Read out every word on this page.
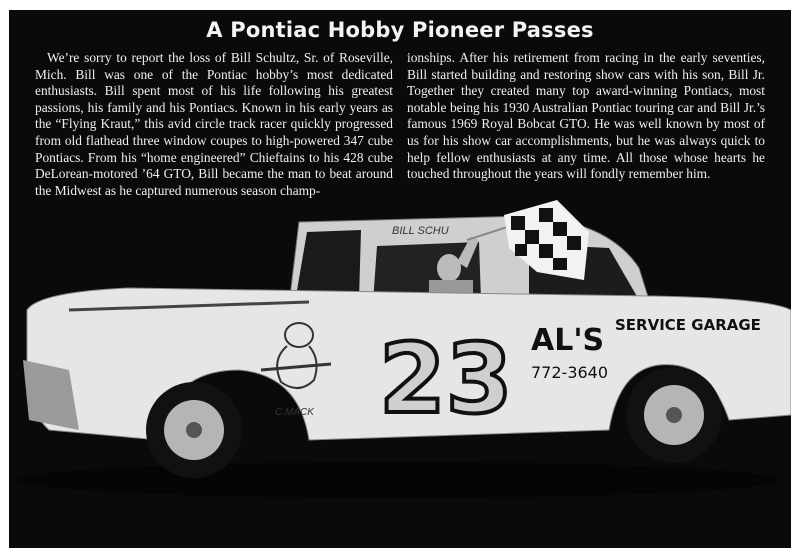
A Pontiac Hobby Pioneer Passes
We’re sorry to report the loss of Bill Schultz, Sr. of Roseville, Mich. Bill was one of the Pontiac hobby’s most dedicated enthusiasts. Bill spent most of his life following his greatest passions, his family and his Pontiacs. Known in his early years as the “Flying Kraut,” this avid circle track racer quickly progressed from old flathead three window coupes to high-powered 347 cube Pontiacs. From his “home engineered” Chieftains to his 428 cube DeLorean-motored ’64 GTO, Bill became the man to beat around the Midwest as he captured numerous season champ-
ionships. After his retirement from racing in the early seventies, Bill started building and restoring show cars with his son, Bill Jr. Together they created many top award-winning Pontiacs, most notable being his 1930 Australian Pontiac touring car and Bill Jr.’s famous 1969 Royal Bobcat GTO. He was well known by most of us for his show car accomplishments, but he was always quick to help fellow enthusiasts at any time. All those whose hearts he touched throughout the years will fondly remember him.
BILL SCHU
C.MACK 23 AL'S SERVICE GARAGE
772-3640
